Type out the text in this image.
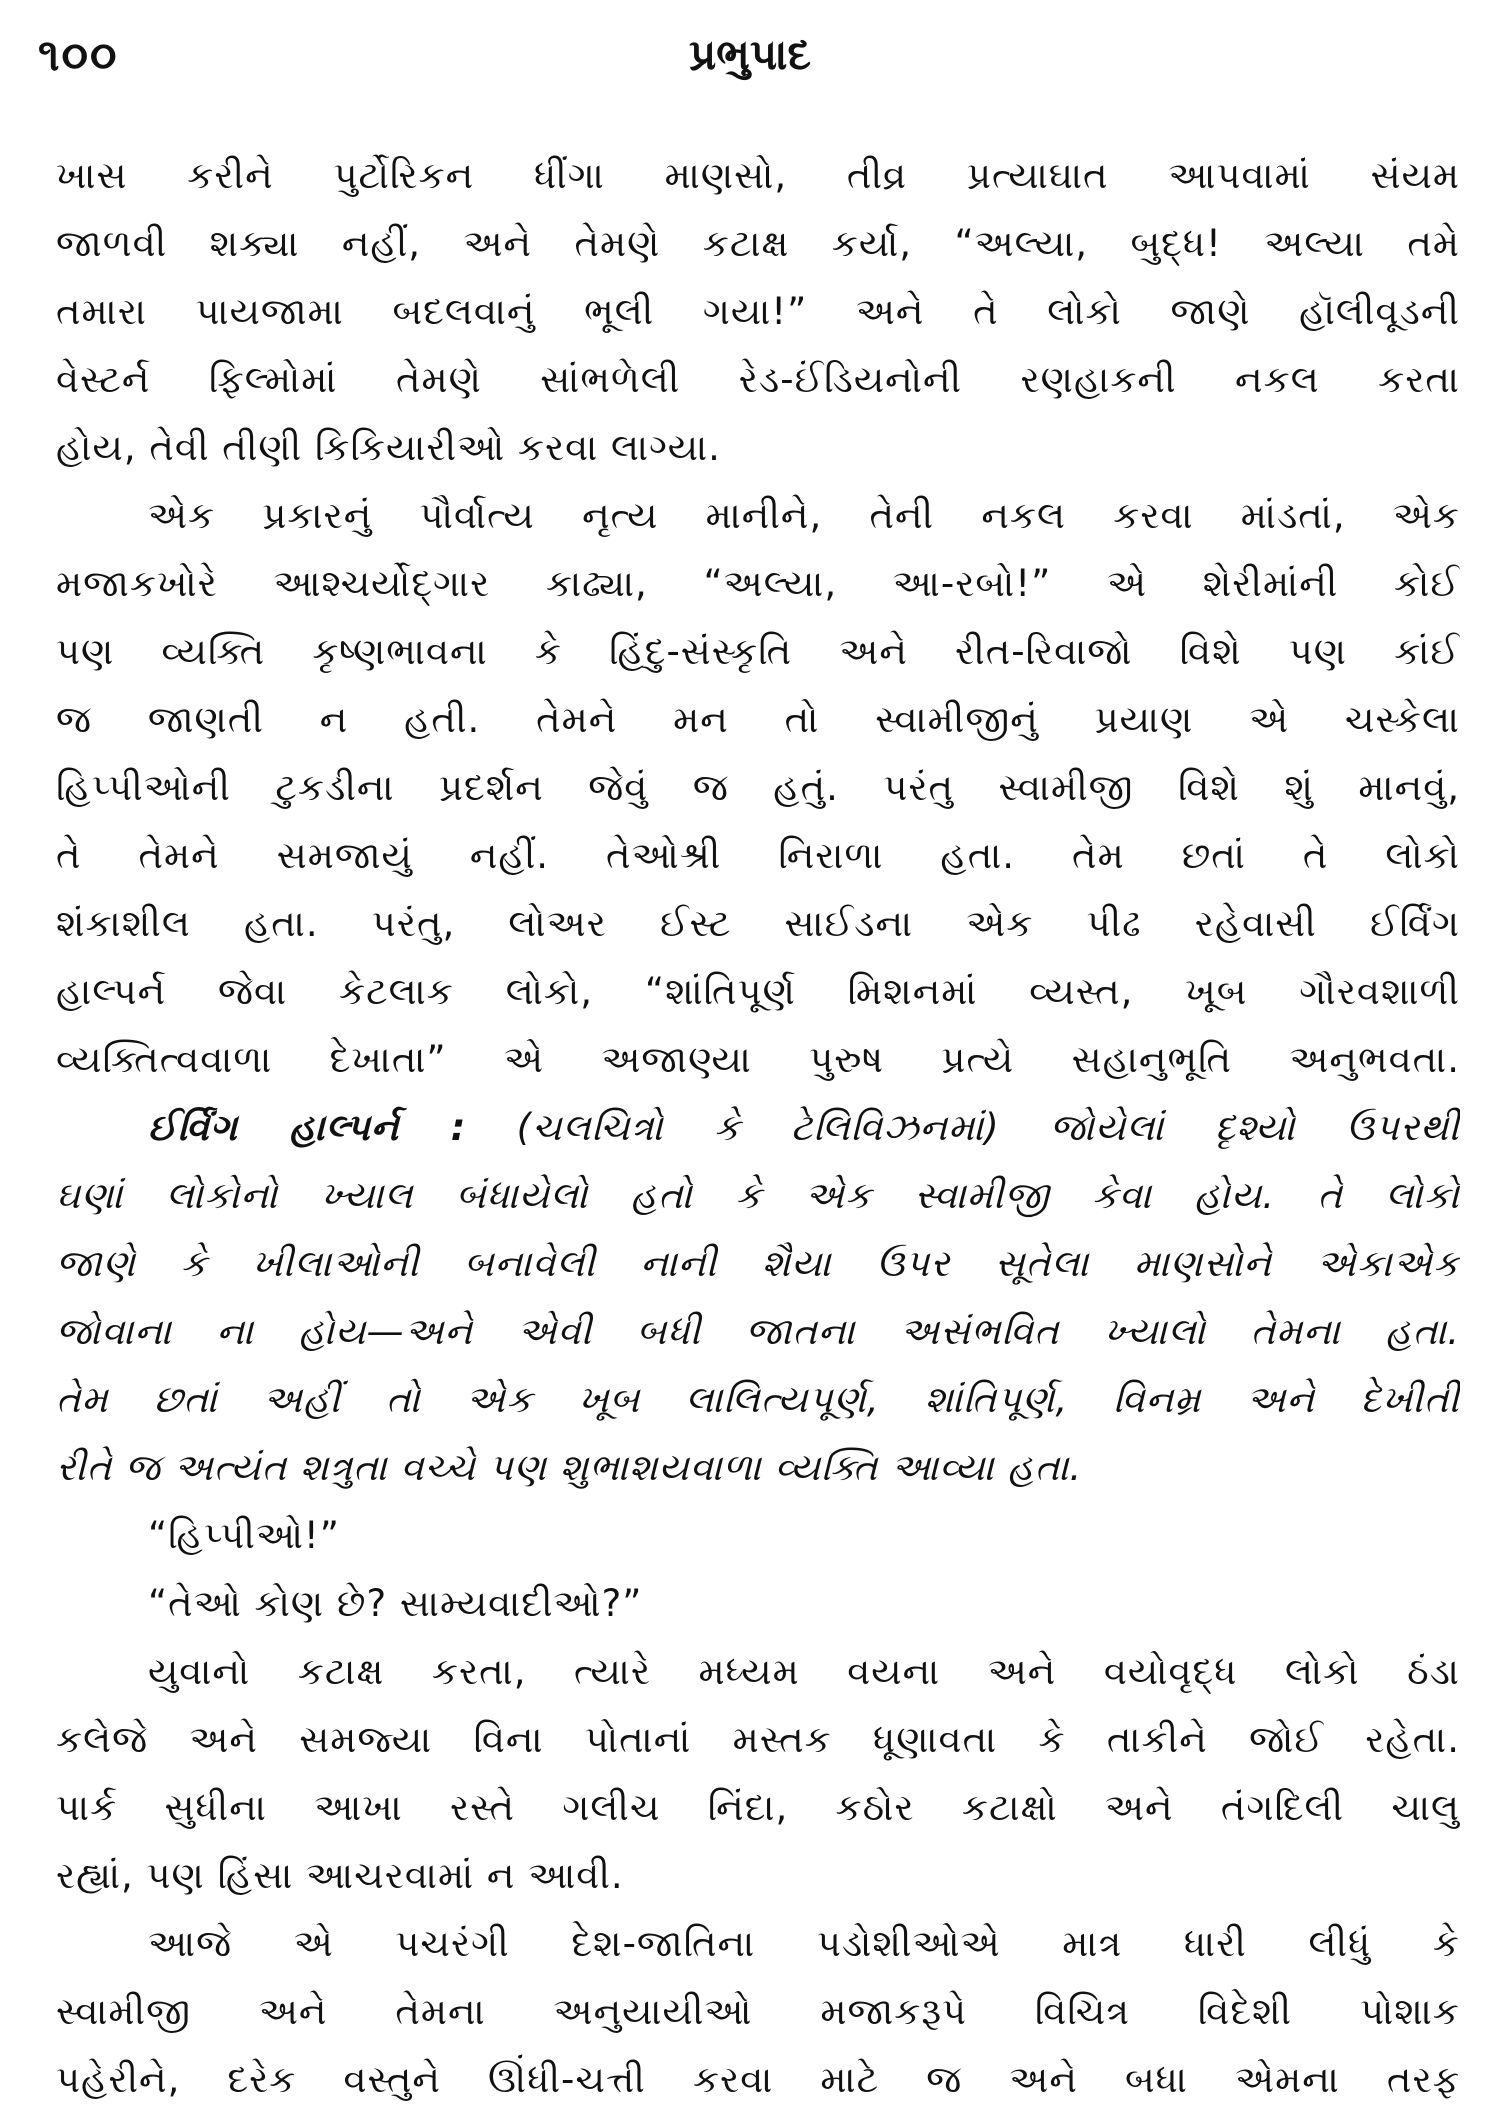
૧૦૦	પ્રભુપાદ
ખાસ કરીને પુર્ટોરિકન ધીંગા માણસો, તીવ્ર પ્રત્યાઘાત આપવામાં સંયમ
જાળવી શક્યા નહીં, અને તેમણે કટાક્ષ કર્યા, “અલ્યા, બુદ્ધ! અલ્યા તમે
તમારા પાયજામા બદલવાનું ભૂલી ગયા!” અને તે લોકો જાણે હૉલીવૂડની
વેસ્ટર્ન ફિલ્મોમાં તેમણે સાંભળેલી રેડ-ઈંડિયનોની રણહાકની નકલ કરતા
હોય, તેવી તીણી કિકિયારીઓ કરવા લાગ્યા.
એક પ્રકારનું પૌર્વાત્ય નૃત્ય માનીને, તેની નકલ કરવા માંડતાં, એક
મજાકખોરે આશ્ચર્યોદ્‌ગાર કાઢ્યા, “અલ્યા, આ-રબો!” એ શેરીમાંની કોઈ
પણ વ્યક્તિ કૃષ્ણભાવના કે હિંદુ-સંસ્કૃતિ અને રીત-રિવાજો વિશે પણ કાંઈ
જ જાણતી ન હતી. તેમને મન તો સ્વામીજીનું પ્રયાણ એ ચસ્કેલા
હિપ્પીઓની ટુકડીના પ્રદર્શન જેવું જ હતું. પરંતુ સ્વામીજી વિશે શું માનવું,
તે તેમને સમજાયું નહીં. તેઓશ્રી નિરાળા હતા. તેમ છતાં તે લોકો
શંકાશીલ હતા. પરંતુ, લોઅર ઈસ્ટ સાઈડના એક પીઢ રહેવાસી ઈર્વિંગ
હાલ્પર્ન જેવા કેટલાક લોકો, “શાંતિપૂર્ણ મિશનમાં વ્યસ્ત, ખૂબ ગૌરવશાળી
વ્યક્તિત્વવાળા દેખાતા” એ અજાણ્યા પુરુષ પ્રત્યે સહાનુભૂતિ અનુભવતા.
ઈર્વિંગ હાલ્પર્ન : (ચલચિત્રો કે ટેલિવિઝનમાં) જોયેલાં દૃશ્યો ઉપરથી
ઘણાં લોકોનો ખ્યાલ બંધાયેલો હતો કે એક સ્વામીજી કેવા હોય. તે લોકો
જાણે કે ખીલાઓની બનાવેલી નાની શૈયા ઉપર સૂતેલા માણસોને એકાએક
જોવાના ના હોય—અને એવી બધી જાતના અસંભવિત ખ્યાલો તેમના હતા.
તેમ છતાં અહીં તો એક ખૂબ લાલિત્યપૂર્ણ, શાંતિપૂર્ણ, વિનમ્ર અને દેખીતી
રીતે જ અત્યંત શત્રુતા વચ્ચે પણ શુભાશયવાળા વ્યક્તિ આવ્યા હતા.
“હિપ્પીઓ!”
“તેઓ કોણ છે? સામ્યવાદીઓ?”
યુવાનો કટાક્ષ કરતા, ત્યારે મધ્યમ વયના અને વયોવૃદ્ધ લોકો ઠંડા
કલેજે અને સમજ્યા વિના પોતાનાં મસ્તક ધૂણાવતા કે તાકીને જોઈ રહેતા.
પાર્ક સુધીના આખા રસ્તે ગલીચ નિંદા, કઠોર કટાક્ષો અને તંગદિલી ચાલુ
રહ્યાં, પણ હિંસા આચરવામાં ન આવી.
આજે એ પચરંગી દેશ-જાતિના પડોશીઓએ માત્ર ધારી લીધું કે
સ્વામીજી અને તેમના અનુયાયીઓ મજાકરૂપે વિચિત્ર વિદેશી પોશાક
પહેરીને, દરેક વસ્તુને ઊંધી-ચત્તી કરવા માટે જ અને બધા એમના તરફ
